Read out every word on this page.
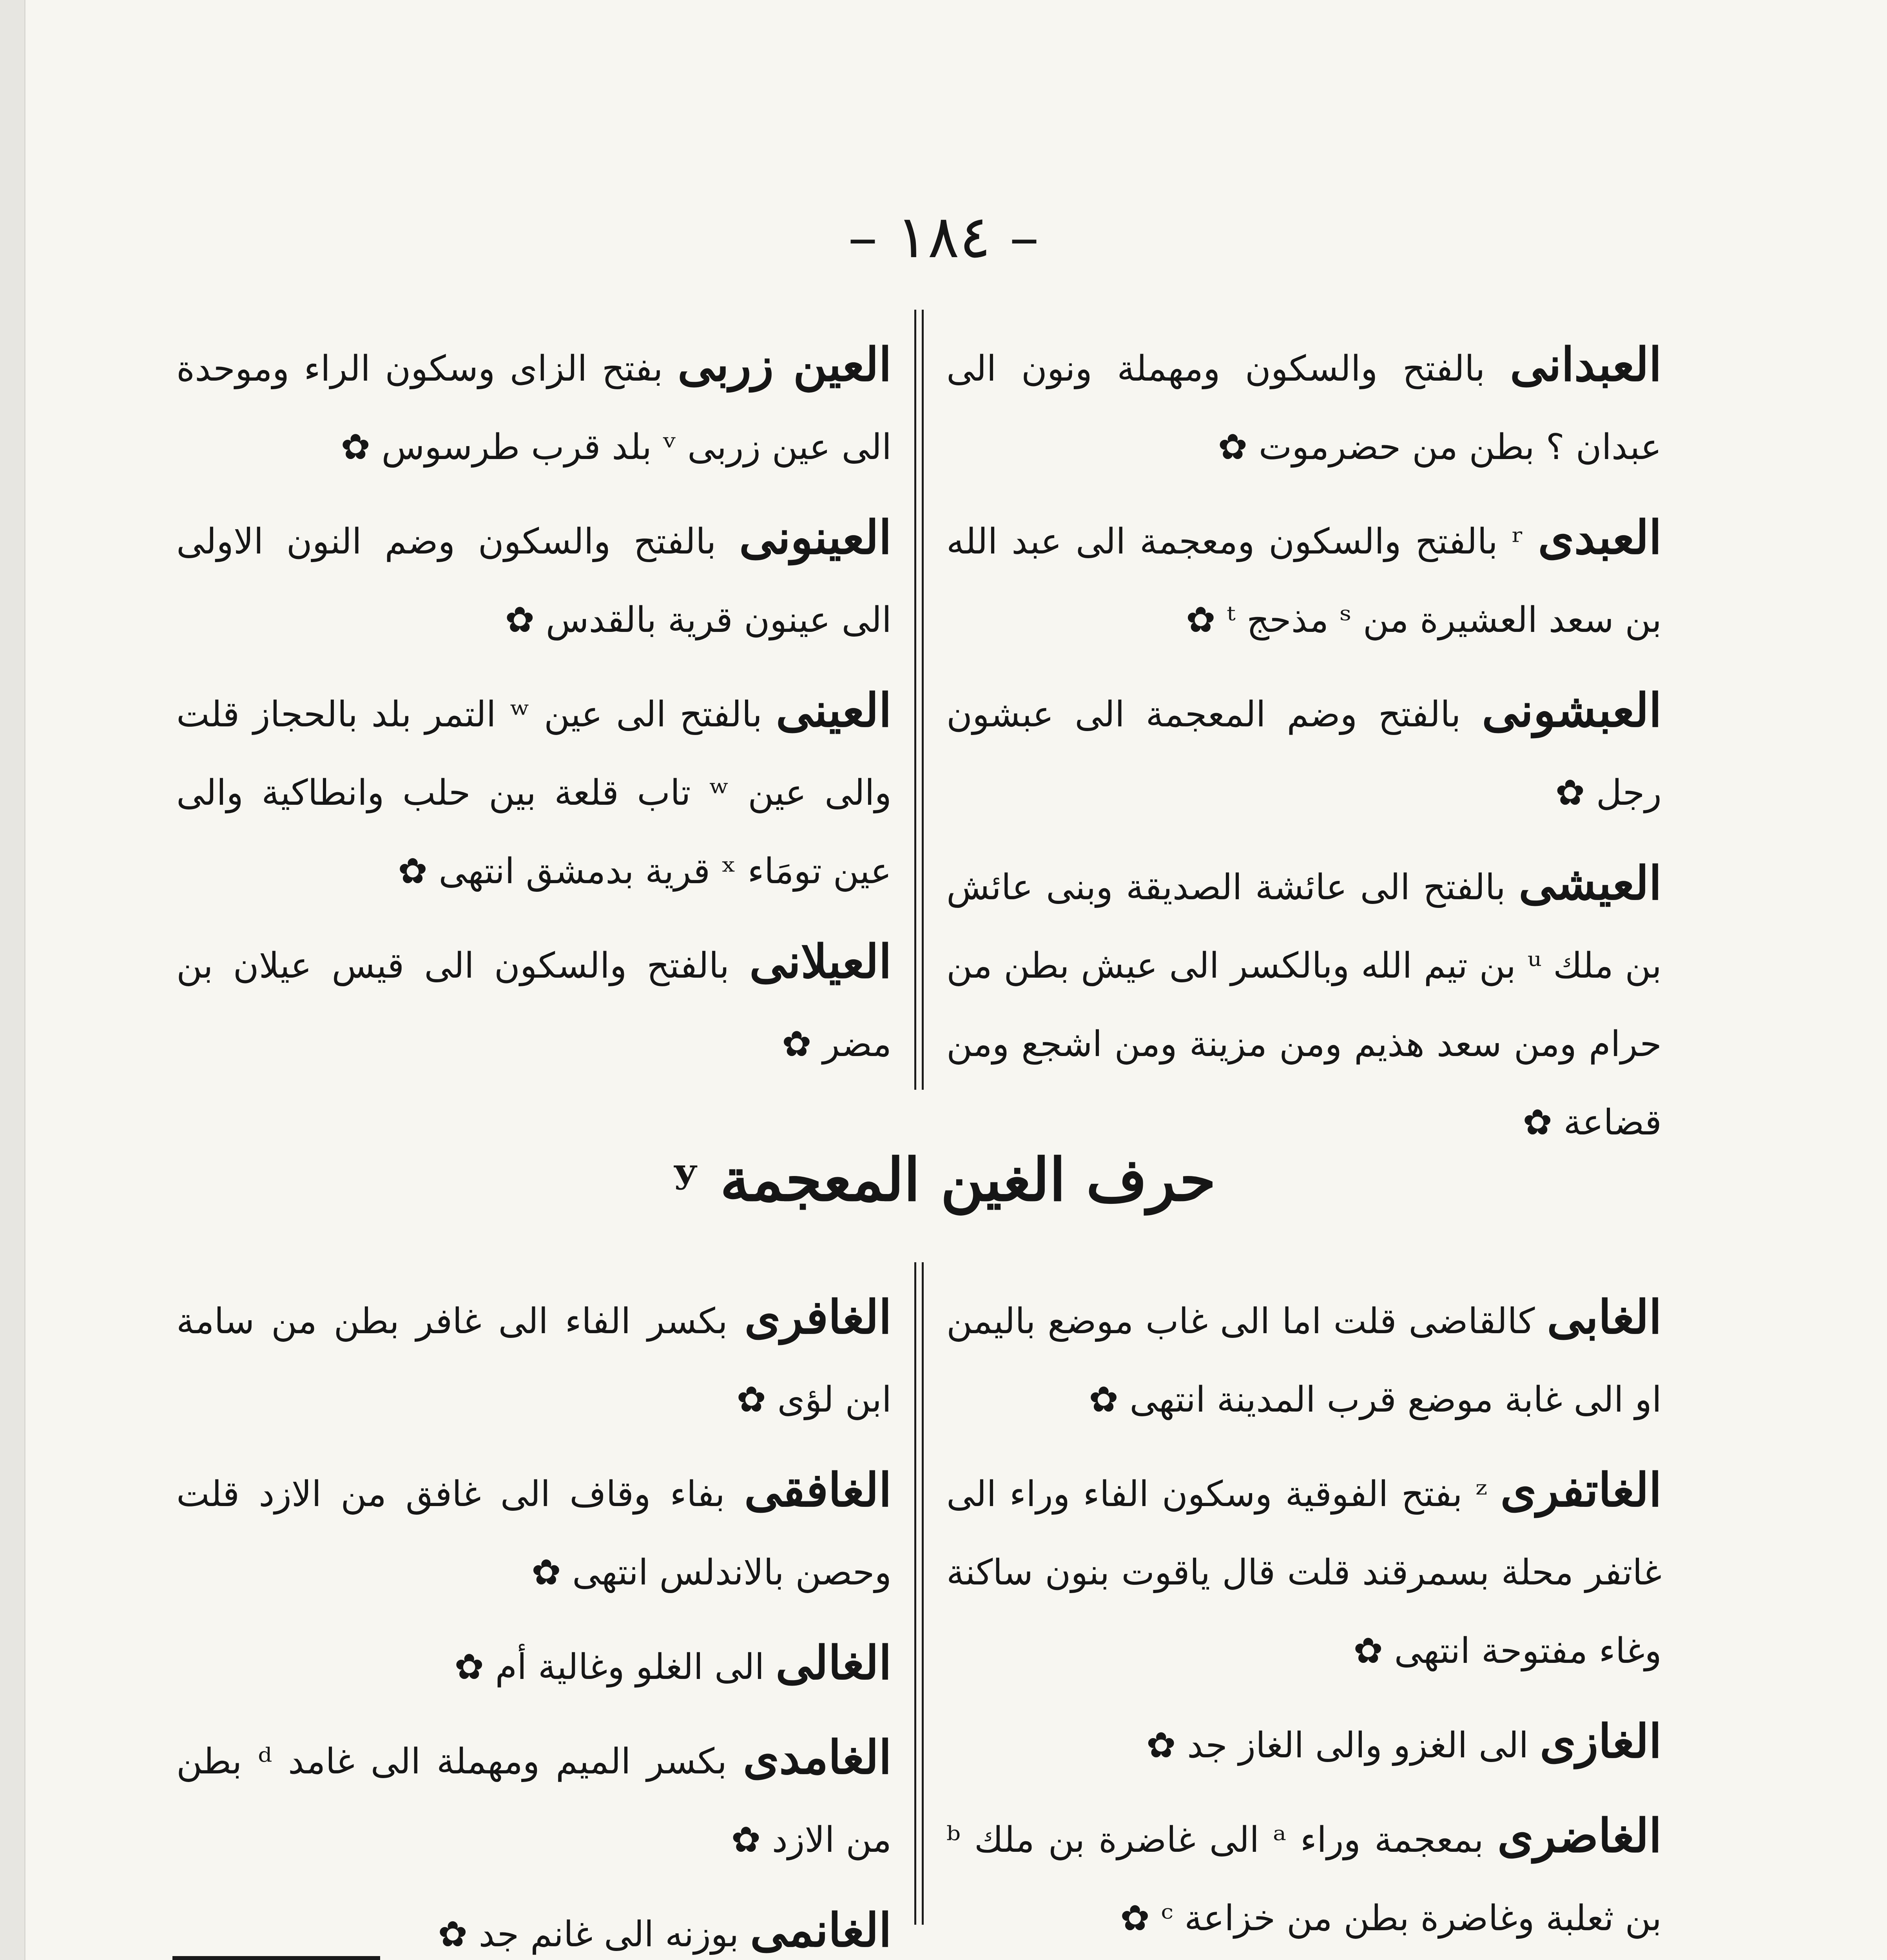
– ١٨٤ –

العين زربى بفتح الزاى وسكون الراء وموحدة الى عين زربى ᵛ بلد قرب طرسوس ✿

العينونى بالفتح والسكون وضم النون الاولى الى عينون قرية بالقدس ✿

العينى بالفتح الى عين ʷ التمر بلد بالحجاز قلت والى عين ʷ تاب قلعة بين حلب وانطاكية والى عين تومَاء ˣ قرية بدمشق انتهى ✿

العيلانى بالفتح والسكون الى قيس عيلان بن مضر ✿

العبدانى بالفتح والسكون ومهملة ونون الى عبدان ؟ بطن من حضرموت ✿

العبدى ʳ بالفتح والسكون ومعجمة الى عبد الله بن سعد العشيرة من ˢ مذحج ᵗ ✿

العبشونى بالفتح وضم المعجمة الى عبشون رجل ✿

العيشى بالفتح الى عائشة الصديقة وبنى عائش بن ملك ᵘ بن تيم الله وبالكسر الى عيش بطن من حرام ومن سعد هذيم ومن مزينة ومن اشجع ومن قضاعة ✿

حرف الغين المعجمة ʸ

الغافرى بكسر الفاء الى غافر بطن من سامة ابن لؤى ✿

الغافقى بفاء وقاف الى غافق من الازد قلت وحصن بالاندلس انتهى ✿

الغالى الى الغلو وغالية أم ✿

الغامدى بكسر الميم ومهملة الى غامد ᵈ بطن من الازد ✿

الغانمى بوزنه الى غانم جد ✿

الغابى كالقاضى قلت اما الى غاب موضع باليمن او الى غابة موضع قرب المدينة انتهى ✿

الغاتفرى ᶻ بفتح الفوقية وسكون الفاء وراء الى غاتفر محلة بسمرقند قلت قال ياقوت بنون ساكنة وغاء مفتوحة انتهى ✿

الغازى الى الغزو والى الغاز جد ✿

الغاضرى بمعجمة وراء ᵃ الى غاضرة بن ملك ᵇ بن ثعلبة وغاضرة بطن من خزاعة ᶜ ✿
